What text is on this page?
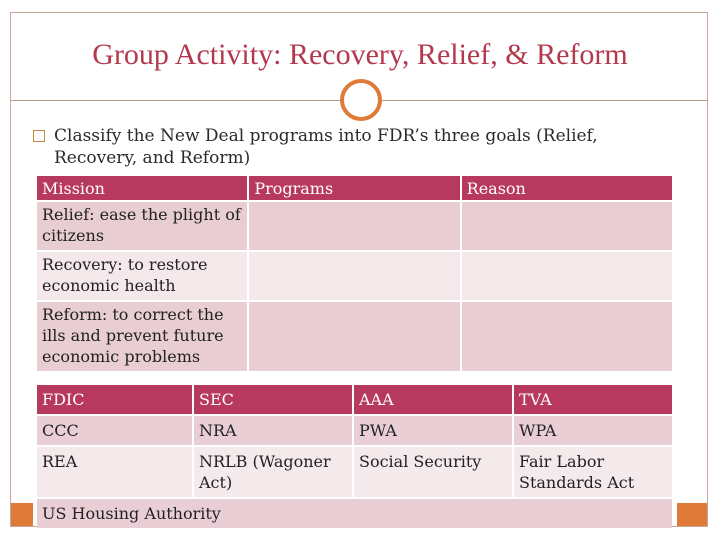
Group Activity: Recovery, Relief, & Reform
Classify the New Deal programs into FDR’s three goals (Relief, Recovery, and Reform)
Mission	Programs	Reason
Relief: ease the plight of citizens		
Recovery: to restore economic health		
Reform: to correct the ills and prevent future economic problems		
FDIC	SEC	AAA	TVA
CCC	NRA	PWA	WPA
REA	NRLB (Wagoner Act)	Social Security	Fair Labor Standards Act
US Housing Authority			
